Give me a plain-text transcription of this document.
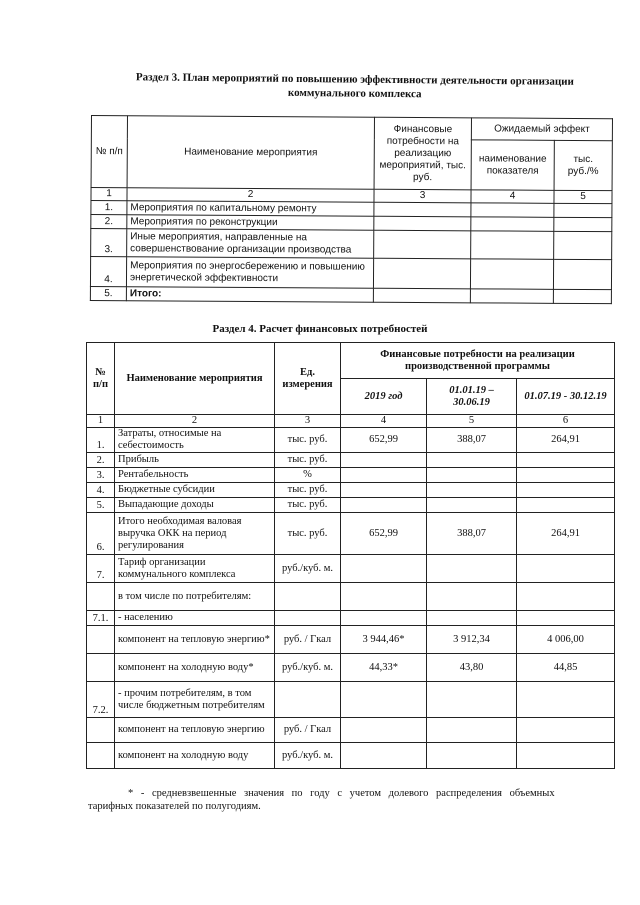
Раздел 3. План мероприятий по повышению эффективности деятельности организации
коммунального комплекса
№ п/п	Наименование мероприятия	Финансовые потребности на реализацию мероприятий, тыс. руб.	Ожидаемый эффект	
			наименование показателя	тыс. руб./%
1	2	3	4	5
1.	Мероприятия по капитальному ремонту			
2.	Мероприятия по реконструкции			
3.	Иные мероприятия, направленные на совершенствование организации производства			
4.	Мероприятия по энергосбережению и повышению энергетической эффективности			
5.	Итого:			
Раздел 4. Расчет финансовых потребностей
№ п/п	Наименование мероприятия	Ед. измерения	Финансовые потребности на реализации производственной программы		
			2019 год	01.01.19 – 30.06.19	01.07.19 - 30.12.19
1	2	3	4	5	6
1.	Затраты, относимые на себестоимость	тыс. руб.	652,99	388,07	264,91
2.	Прибыль	тыс. руб.			
3.	Рентабельность	%			
4.	Бюджетные субсидии	тыс. руб.			
5.	Выпадающие доходы	тыс. руб.			
6.	Итого необходимая валовая выручка ОКК на период регулирования	тыс. руб.	652,99	388,07	264,91
7.	Тариф организации коммунального комплекса	руб./куб. м.			
	в том числе по потребителям:				
7.1.	- населению				
	компонент на тепловую энергию*	руб. / Гкал	3 944,46*	3 912,34	4 006,00
	компонент на холодную воду*	руб./куб. м.	44,33*	43,80	44,85
7.2.	- прочим потребителям, в том числе бюджетным потребителям				
	компонент на тепловую энергию	руб. / Гкал			
	компонент на холодную воду	руб./куб. м.			

* - средневзвешенные значения по году с учетом долевого распределения объемных

тарифных показателей по полугодиям.
